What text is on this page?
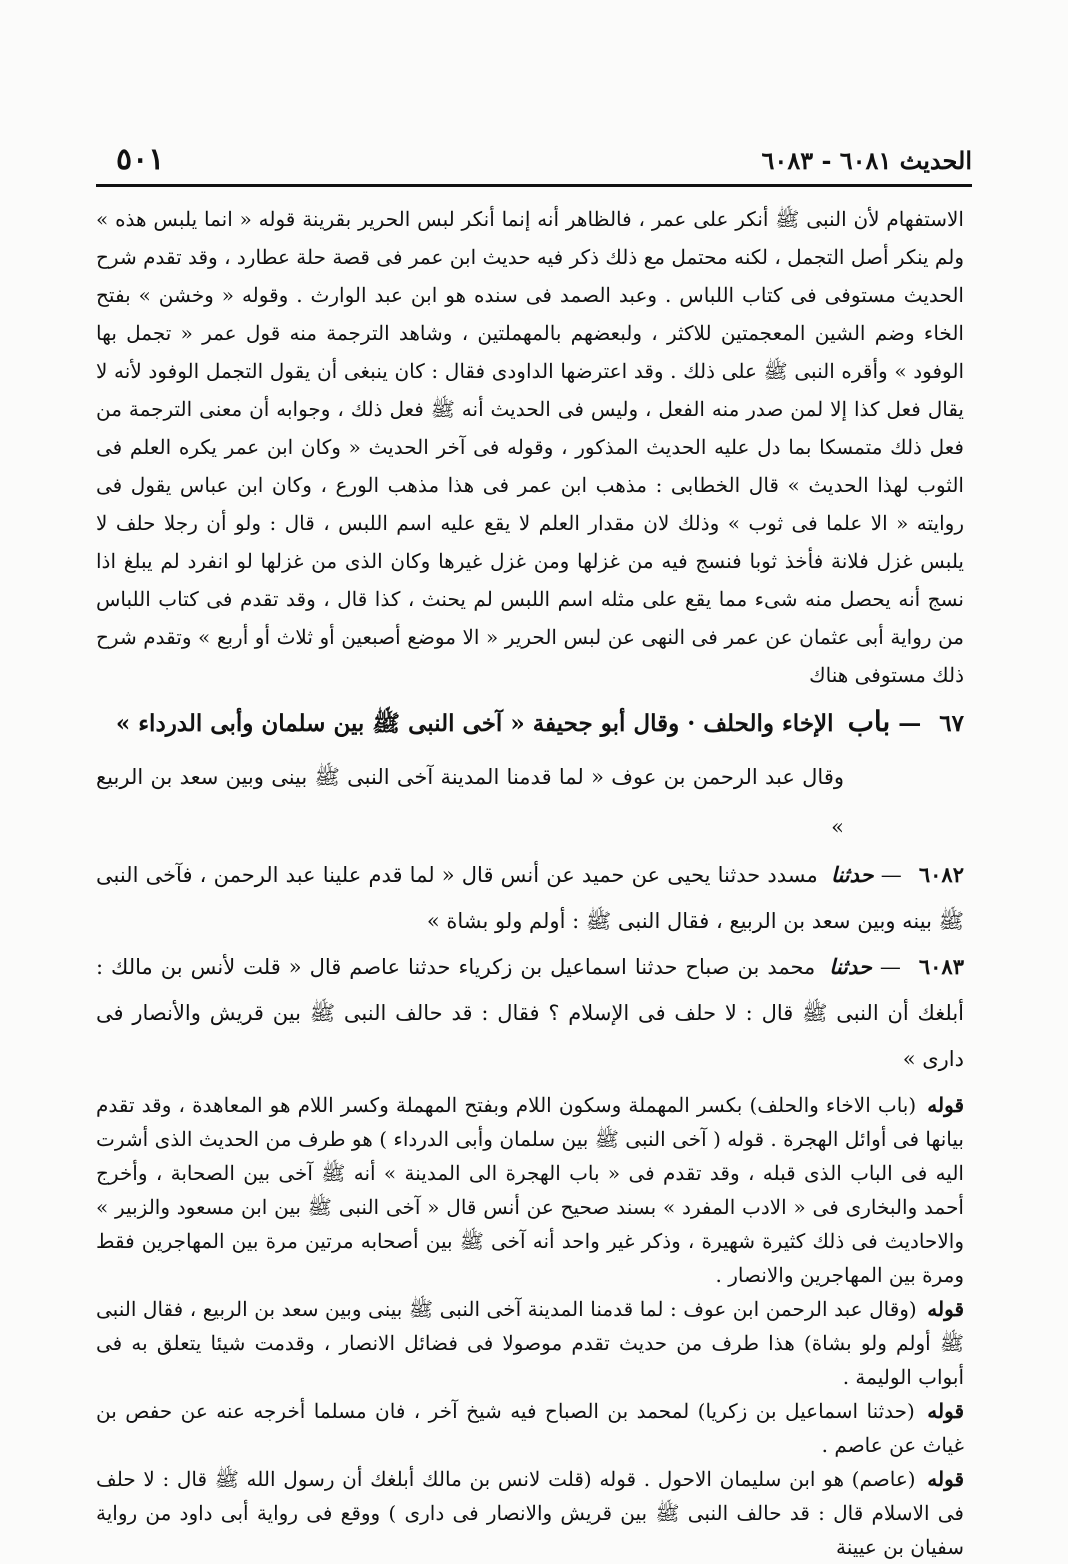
الحديث ٦٠٨١ - ٦٠٨٣
٥٠١

الاستفهام لأن النبى ﷺ أنكر على عمر ، فالظاهر أنه إنما أنكر لبس الحرير بقرينة قوله « انما يلبس هذه » ولم ينكر أصل التجمل ، لكنه محتمل مع ذلك ذكر فيه حديث ابن عمر فى قصة حلة عطارد ، وقد تقدم شرح الحديث مستوفى فى كتاب اللباس . وعبد الصمد فى سنده هو ابن عبد الوارث . وقوله « وخشن » بفتح الخاء وضم الشين المعجمتين للاكثر ، ولبعضهم بالمهملتين ، وشاهد الترجمة منه قول عمر « تجمل بها الوفود » وأقره النبى ﷺ على ذلك . وقد اعترضها الداودى فقال : كان ينبغى أن يقول التجمل الوفود لأنه لا يقال فعل كذا إلا لمن صدر منه الفعل ، وليس فى الحديث أنه ﷺ فعل ذلك ، وجوابه أن معنى الترجمة من فعل ذلك متمسكا بما دل عليه الحديث المذكور ، وقوله فى آخر الحديث « وكان ابن عمر يكره العلم فى الثوب لهذا الحديث » قال الخطابى : مذهب ابن عمر فى هذا مذهب الورع ، وكان ابن عباس يقول فى روايته « الا علما فى ثوب » وذلك لان مقدار العلم لا يقع عليه اسم اللبس ، قال : ولو أن رجلا حلف لا يلبس غزل فلانة فأخذ ثوبا فنسج فيه من غزلها ومن غزل غيرها وكان الذى من غزلها لو انفرد لم يبلغ اذا نسج أنه يحصل منه شىء مما يقع على مثله اسم اللبس لم يحنث ، كذا قال ، وقد تقدم فى كتاب اللباس من رواية أبى عثمان عن عمر فى النهى عن لبس الحرير « الا موضع أصبعين أو ثلاث أو أربع » وتقدم شرح ذلك مستوفى هناك

٦٧ — باب الإخاء والحلف · وقال أبو جحيفة « آخى النبى ﷺ بين سلمان وأبى الدرداء »
وقال عبد الرحمن بن عوف « لما قدمنا المدينة آخى النبى ﷺ بينى وبين سعد بن الربيع »
٦٠٨٢ — حدثنا مسدد حدثنا يحيى عن حميد عن أنس قال « لما قدم علينا عبد الرحمن ، فآخى النبى ﷺ بينه وبين سعد بن الربيع ، فقال النبى ﷺ : أولم ولو بشاة »
٦٠٨٣ — حدثنا محمد بن صباح حدثنا اسماعيل بن زكرياء حدثنا عاصم قال « قلت لأنس بن مالك : أبلغك أن النبى ﷺ قال : لا حلف فى الإسلام ؟ فقال : قد حالف النبى ﷺ بين قريش والأنصار فى دارى »

قوله (باب الاخاء والحلف) بكسر المهملة وسكون اللام وبفتح المهملة وكسر اللام هو المعاهدة ، وقد تقدم بيانها فى أوائل الهجرة . قوله ( آخى النبى ﷺ بين سلمان وأبى الدرداء ) هو طرف من الحديث الذى أشرت اليه فى الباب الذى قبله ، وقد تقدم فى « باب الهجرة الى المدينة » أنه ﷺ آخى بين الصحابة ، وأخرج أحمد والبخارى فى « الادب المفرد » بسند صحيح عن أنس قال « آخى النبى ﷺ بين ابن مسعود والزبير » والاحاديث فى ذلك كثيرة شهيرة ، وذكر غير واحد أنه آخى ﷺ بين أصحابه مرتين مرة بين المهاجرين فقط ومرة بين المهاجرين والانصار .

قوله (وقال عبد الرحمن ابن عوف : لما قدمنا المدينة آخى النبى ﷺ بينى وبين سعد بن الربيع ، فقال النبى ﷺ أولم ولو بشاة) هذا طرف من حديث تقدم موصولا فى فضائل الانصار ، وقدمت شيئا يتعلق به فى أبواب الوليمة .

قوله (حدثنا اسماعيل بن زكريا) لمحمد بن الصباح فيه شيخ آخر ، فان مسلما أخرجه عنه عن حفص بن غياث عن عاصم .

قوله (عاصم) هو ابن سليمان الاحول . قوله (قلت لانس بن مالك أبلغك أن رسول الله ﷺ قال : لا حلف فى الاسلام قال : قد حالف النبى ﷺ بين قريش والانصار فى دارى ) ووقع فى رواية أبى داود من رواية سفيان بن عيينة
